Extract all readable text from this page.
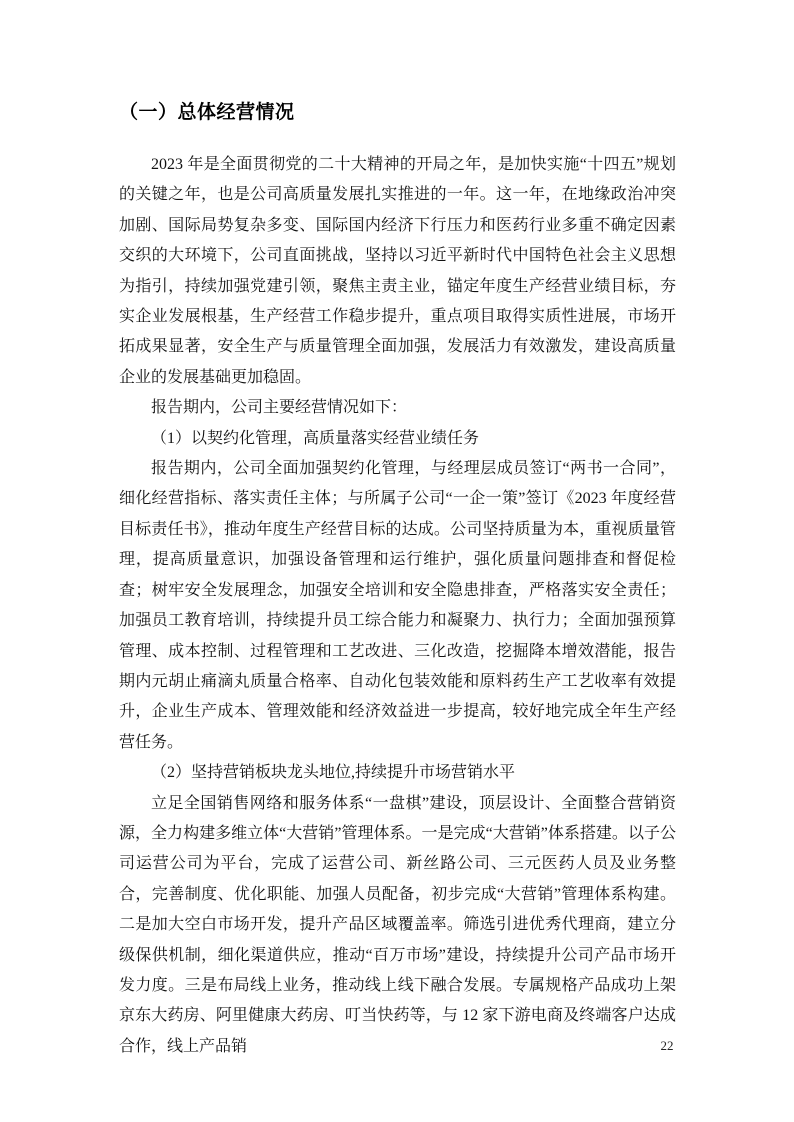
（一）总体经营情况

2023 年是全面贯彻党的二十大精神的开局之年，是加快实施“十四五”规划的关键之年，也是公司高质量发展扎实推进的一年。这一年，在地缘政治冲突加剧、国际局势复杂多变、国际国内经济下行压力和医药行业多重不确定因素交织的大环境下，公司直面挑战，坚持以习近平新时代中国特色社会主义思想为指引，持续加强党建引领，聚焦主责主业，锚定年度生产经营业绩目标，夯实企业发展根基，生产经营工作稳步提升，重点项目取得实质性进展，市场开拓成果显著，安全生产与质量管理全面加强，发展活力有效激发，建设高质量企业的发展基础更加稳固。

报告期内，公司主要经营情况如下：

（1）以契约化管理，高质量落实经营业绩任务

报告期内，公司全面加强契约化管理，与经理层成员签订“两书一合同”，细化经营指标、落实责任主体；与所属子公司“一企一策”签订《2023 年度经营目标责任书》，推动年度生产经营目标的达成。公司坚持质量为本，重视质量管理，提高质量意识，加强设备管理和运行维护，强化质量问题排查和督促检查；树牢安全发展理念，加强安全培训和安全隐患排查，严格落实安全责任；加强员工教育培训，持续提升员工综合能力和凝聚力、执行力；全面加强预算管理、成本控制、过程管理和工艺改进、三化改造，挖掘降本增效潜能，报告期内元胡止痛滴丸质量合格率、自动化包装效能和原料药生产工艺收率有效提升，企业生产成本、管理效能和经济效益进一步提高，较好地完成全年生产经营任务。

（2）坚持营销板块龙头地位,持续提升市场营销水平

立足全国销售网络和服务体系“一盘棋”建设，顶层设计、全面整合营销资源，全力构建多维立体“大营销”管理体系。一是完成“大营销”体系搭建。以子公司运营公司为平台，完成了运营公司、新丝路公司、三元医药人员及业务整合，完善制度、优化职能、加强人员配备，初步完成“大营销”管理体系构建。二是加大空白市场开发，提升产品区域覆盖率。筛选引进优秀代理商，建立分级保供机制，细化渠道供应，推动“百万市场”建设，持续提升公司产品市场开发力度。三是布局线上业务，推动线上线下融合发展。专属规格产品成功上架京东大药房、阿里健康大药房、叮当快药等，与 12 家下游电商及终端客户达成合作，线上产品销	22
